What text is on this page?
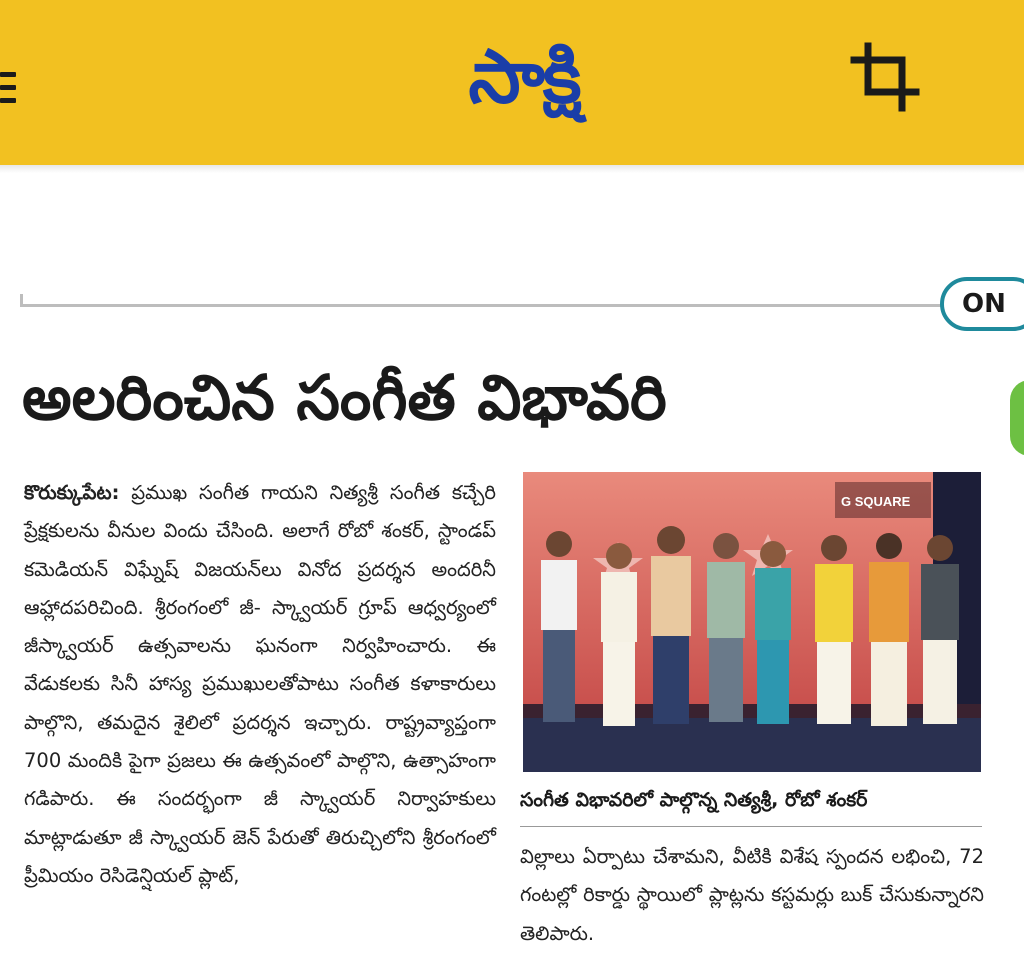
సాక్షి
ON
అలరించిన సంగీత విభావరి
కొరుక్కుపేట: ప్రముఖ సంగీత గాయని నిత్యశ్రీ సంగీత కచ్చేరి ప్రేక్షకులను వీనుల విందు చేసింది. అలాగే రోబో శంకర్, స్టాండప్ కమెడియన్ విఘ్నేష్ విజయన్‌లు వినోద ప్రదర్శన అందరినీ ఆహ్లాదపరిచింది. శ్రీరంగంలో జీ- స్క్వాయర్ గ్రూప్ ఆధ్వర్యంలో జీస్క్వాయర్ ఉత్సవాలను ఘనంగా నిర్వహించారు. ఈ వేడుకలకు సినీ హాస్య ప్రముఖులతోపాటు సంగీత కళాకారులు పాల్గొని, తమదైన శైలిలో ప్రదర్శన ఇచ్చారు. రాష్ట్రవ్యాప్తంగా 700 మందికి పైగా ప్రజలు ఈ ఉత్సవంలో పాల్గొని, ఉత్సాహంగా గడిపారు. ఈ సందర్భంగా జీ స్క్వాయర్ నిర్వాహకులు మాట్లాడుతూ జీ స్క్వాయర్ జెన్ పేరుతో తిరుచ్చిలోని శ్రీరంగంలో ప్రీమియం రెసిడెన్షియల్ ప్లాట్,
G SQUARE
సంగీత విభావరిలో పాల్గొన్న నిత్యశ్రీ, రోబో శంకర్
విల్లాలు ఏర్పాటు చేశామని, వీటికి విశేష స్పందన లభించి, 72 గంటల్లో రికార్డు స్థాయిలో ప్లాట్లను కస్టమర్లు బుక్ చేసుకున్నారని తెలిపారు.
